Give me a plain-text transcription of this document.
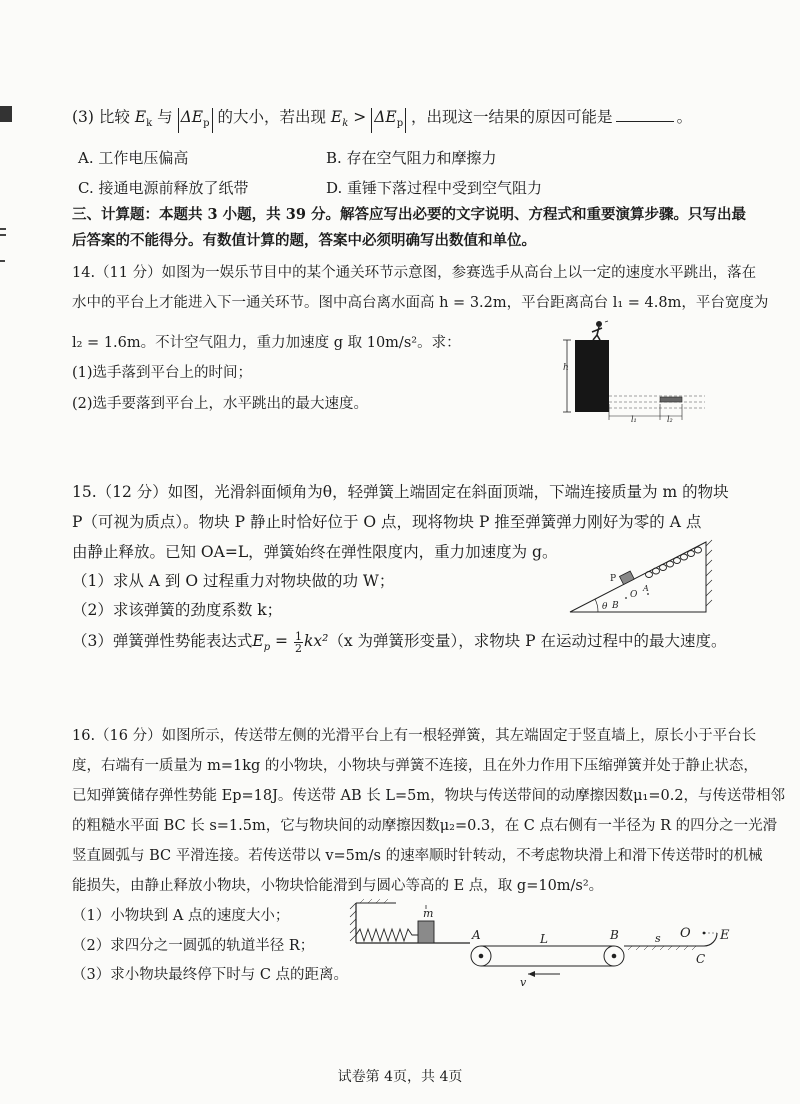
(3) 比较 $E_k$ 与 $\Delta E_p$ 的大小，若出现 $E_k > \Delta E_p$ ，出现这一结果的原因可能是	。
A. 工作电压偏高	B. 存在空气阻力和摩擦力
C. 接通电源前释放了纸带	D. 重锤下落过程中受到空气阻力
三、计算题：本题共 3 小题，共 39 分。解答应写出必要的文字说明、方程式和重要演算步骤。只写出最
后答案的不能得分。有数值计算的题，答案中必须明确写出数值和单位。
14.（11 分）如图为一娱乐节目中的某个通关环节示意图，参赛选手从高台上以一定的速度水平跳出，落在
水中的平台上才能进入下一通关环节。图中高台离水面高 h = 3.2m，平台距离高台 l₁ = 4.8m，平台宽度为
l₂ = 1.6m。不计空气阻力，重力加速度 g 取 10m/s²。求：
(1)选手落到平台上的时间；
(2)选手要落到平台上，水平跳出的最大速度。
h
l₁	l₂
15.（12 分）如图，光滑斜面倾角为θ，轻弹簧上端固定在斜面顶端，下端连接质量为 m 的物块
P（可视为质点）。物块 P 静止时恰好位于 O 点，现将物块 P 推至弹簧弹力刚好为零的 A 点
由静止释放。已知 OA=L，弹簧始终在弹性限度内，重力加速度为 g。
（1）求从 A 到 O 过程重力对物块做的功 W；
（2）求该弹簧的劲度系数 k；
（3）弹簧弹性势能表达式$E_p = \frac{1}{2} kx^2(x$ 为弹簧形变量），求物块 P 在运动过程中的最大速度。
P
O
A
B
θ
16.（16 分）如图所示，传送带左侧的光滑平台上有一根轻弹簧，其左端固定于竖直墙上，原长小于平台长
度，右端有一质量为 m=1kg 的小物块，小物块与弹簧不连接，且在外力作用下压缩弹簧并处于静止状态，
已知弹簧储存弹性势能 Ep=18J。传送带 AB 长 L=5m，物块与传送带间的动摩擦因数μ₁=0.2，与传送带相邻
的粗糙水平面 BC 长 s=1.5m，它与物块间的动摩擦因数μ₂=0.3，在 C 点右侧有一半径为 R 的四分之一光滑
竖直圆弧与 BC 平滑连接。若传送带以 v=5m/s 的速率顺时针转动，不考虑物块滑上和滑下传送带时的机械
能损失，由静止释放小物块，小物块恰能滑到与圆心等高的 E 点，取 g=10m/s²。
（1）小物块到 A 点的速度大小；
（2）求四分之一圆弧的轨道半径 R；
（3）求小物块最终停下时与 C 点的距离。
m
v
A	L	B	s O E
C
试卷第 4页，共 4页
